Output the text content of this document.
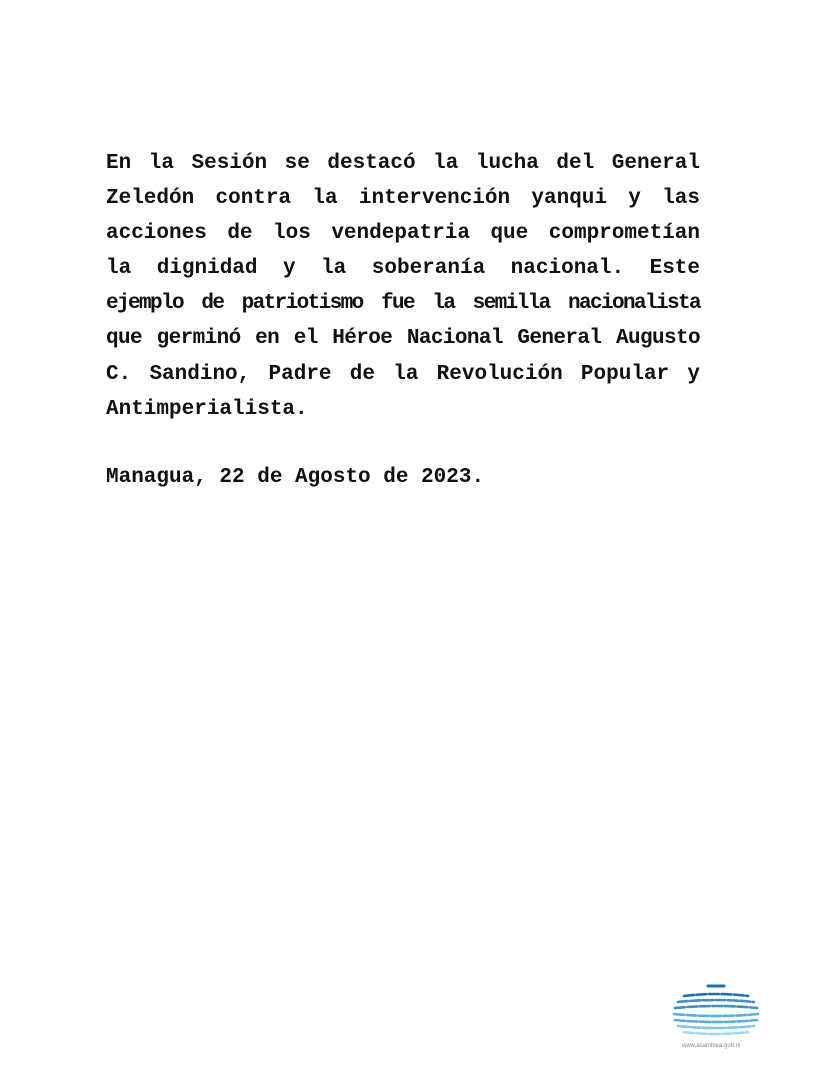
En la Sesión se destacó la lucha del General
Zeledón contra la intervención yanqui y las
acciones de los vendepatria que comprometían
la dignidad y la soberanía nacional. Este
ejemplo de patriotismo fue la semilla nacionalista
que germinó en el Héroe Nacional General Augusto
C. Sandino, Padre de la Revolución Popular y
Antimperialista.
Managua, 22 de Agosto de 2023.
www.asamblea.gob.ni
